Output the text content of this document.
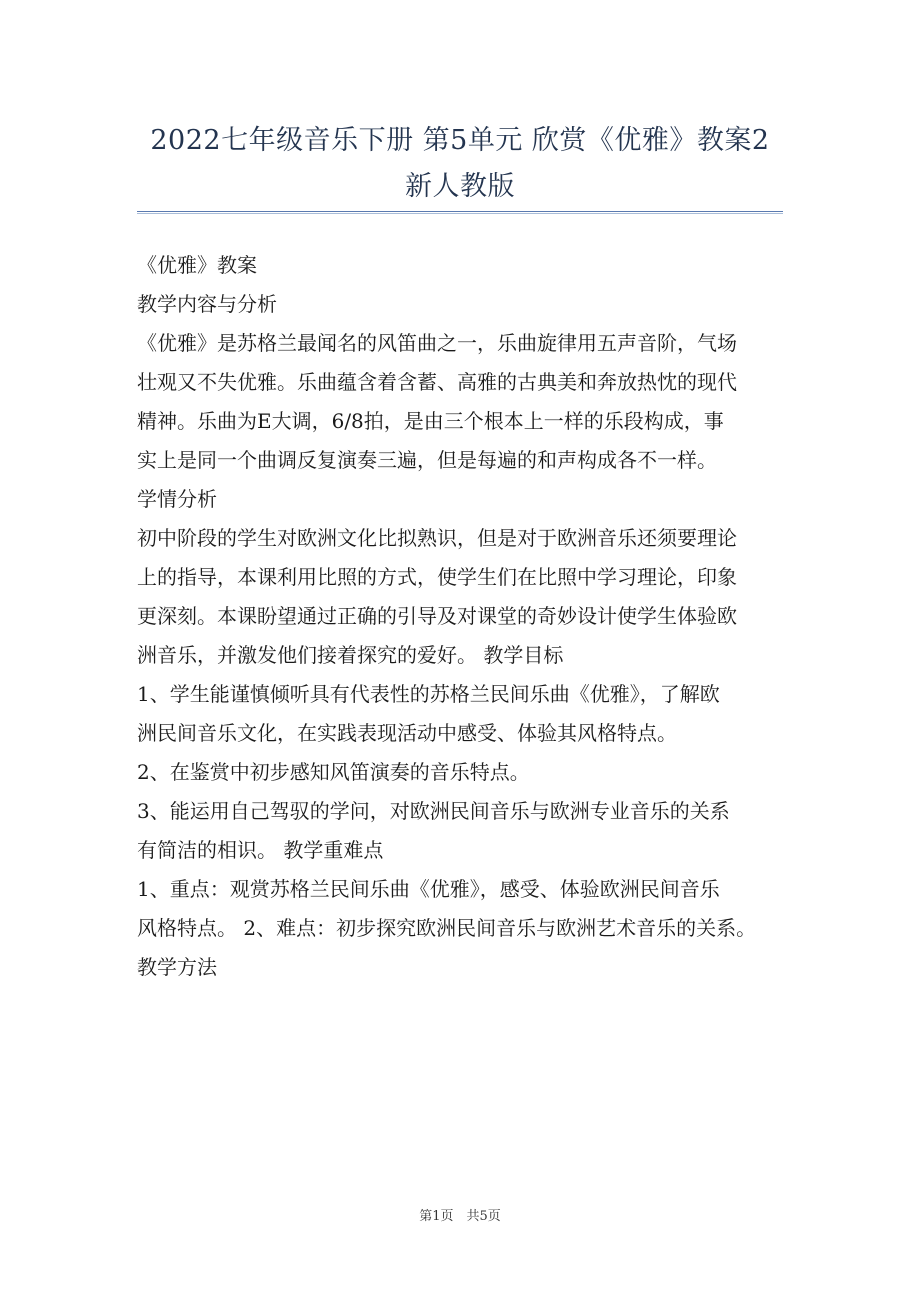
2022七年级音乐下册 第5单元 欣赏《优雅》教案2
新人教版
《优雅》教案
教学内容与分析
《优雅》是苏格兰最闻名的风笛曲之一，乐曲旋律用五声音阶，气场
壮观又不失优雅。乐曲蕴含着含蓄、高雅的古典美和奔放热忱的现代
精神。乐曲为E大调，6/8拍，是由三个根本上一样的乐段构成，事
实上是同一个曲调反复演奏三遍，但是每遍的和声构成各不一样。
学情分析
初中阶段的学生对欧洲文化比拟熟识，但是对于欧洲音乐还须要理论
上的指导，本课利用比照的方式，使学生们在比照中学习理论，印象
更深刻。本课盼望通过正确的引导及对课堂的奇妙设计使学生体验欧
洲音乐，并激发他们接着探究的爱好。 教学目标
1、学生能谨慎倾听具有代表性的苏格兰民间乐曲《优雅》，了解欧
洲民间音乐文化，在实践表现活动中感受、体验其风格特点。
2、在鉴赏中初步感知风笛演奏的音乐特点。
3、能运用自己驾驭的学问，对欧洲民间音乐与欧洲专业音乐的关系
有简洁的相识。 教学重难点
1、重点：观赏苏格兰民间乐曲《优雅》，感受、体验欧洲民间音乐
风格特点。 2、难点：初步探究欧洲民间音乐与欧洲艺术音乐的关系。
教学方法
第1页　共5页
